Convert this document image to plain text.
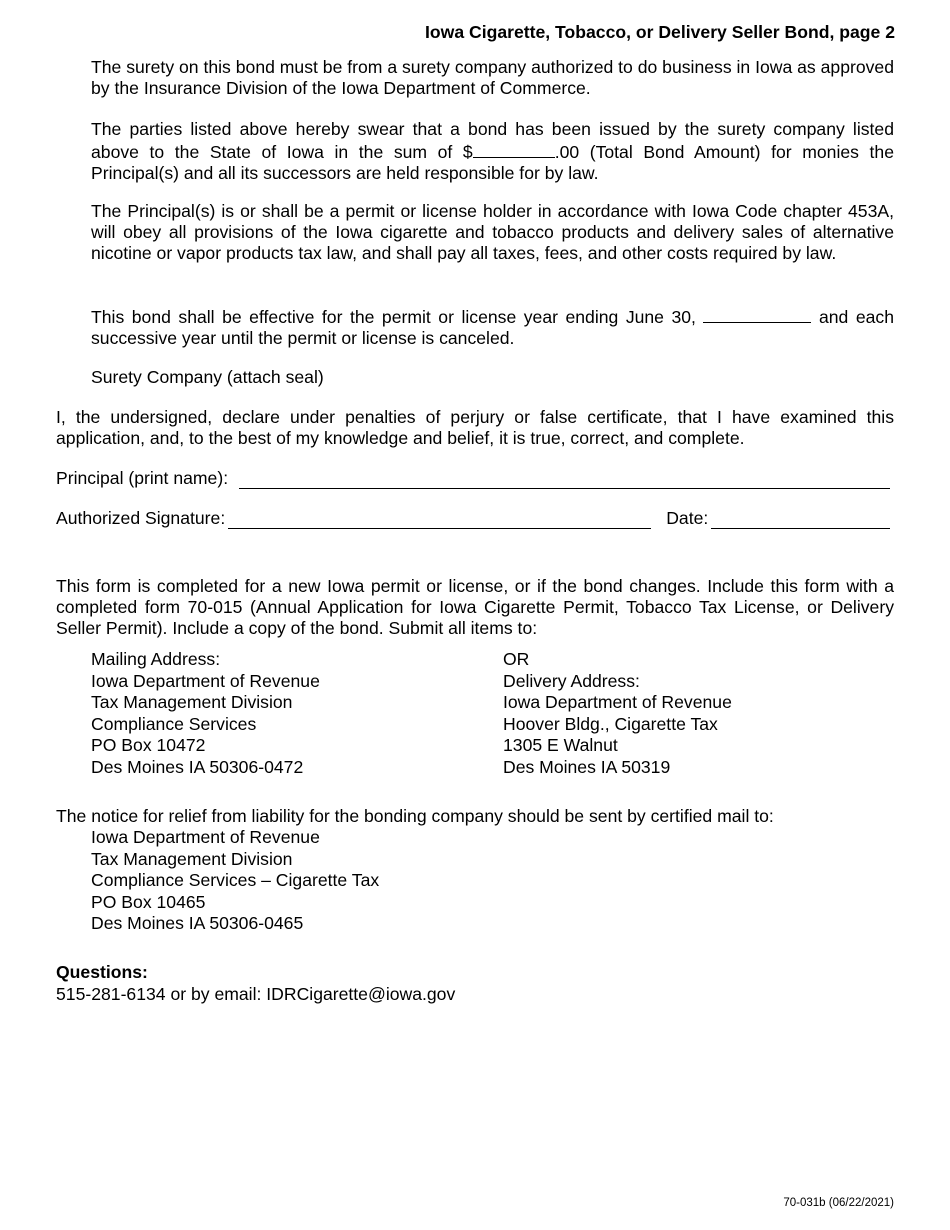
Iowa Cigarette, Tobacco, or Delivery Seller Bond, page 2
The surety on this bond must be from a surety company authorized to do business in Iowa as approved by the Insurance Division of the Iowa Department of Commerce.
The parties listed above hereby swear that a bond has been issued by the surety company listed above to the State of Iowa in the sum of $	.00 (Total Bond Amount) for monies the Principal(s) and all its successors are held responsible for by law.
The Principal(s) is or shall be a permit or license holder in accordance with Iowa Code chapter 453A, will obey all provisions of the Iowa cigarette and tobacco products and delivery sales of alternative nicotine or vapor products tax law, and shall pay all taxes, fees, and other costs required by law.
This bond shall be effective for the permit or license year ending June 30,	and each successive year until the permit or license is canceled.
Surety Company (attach seal)
I, the undersigned, declare under penalties of perjury or false certificate, that I have examined this application, and, to the best of my knowledge and belief, it is true, correct, and complete.
Principal (print name):
Authorized Signature:	Date:
This form is completed for a new Iowa permit or license, or if the bond changes. Include this form with a completed form 70-015 (Annual Application for Iowa Cigarette Permit, Tobacco Tax License, or Delivery Seller Permit). Include a copy of the bond. Submit all items to:
Mailing Address:
Iowa Department of Revenue
Tax Management Division
Compliance Services
PO Box 10472
Des Moines IA 50306-0472
OR
Delivery Address:
Iowa Department of Revenue
Hoover Bldg., Cigarette Tax
1305 E Walnut
Des Moines IA 50319
The notice for relief from liability for the bonding company should be sent by certified mail to:
Iowa Department of Revenue
Tax Management Division
Compliance Services – Cigarette Tax
PO Box 10465
Des Moines IA 50306-0465
Questions:
515-281-6134 or by email: IDRCigarette@iowa.gov
70-031b (06/22/2021)
